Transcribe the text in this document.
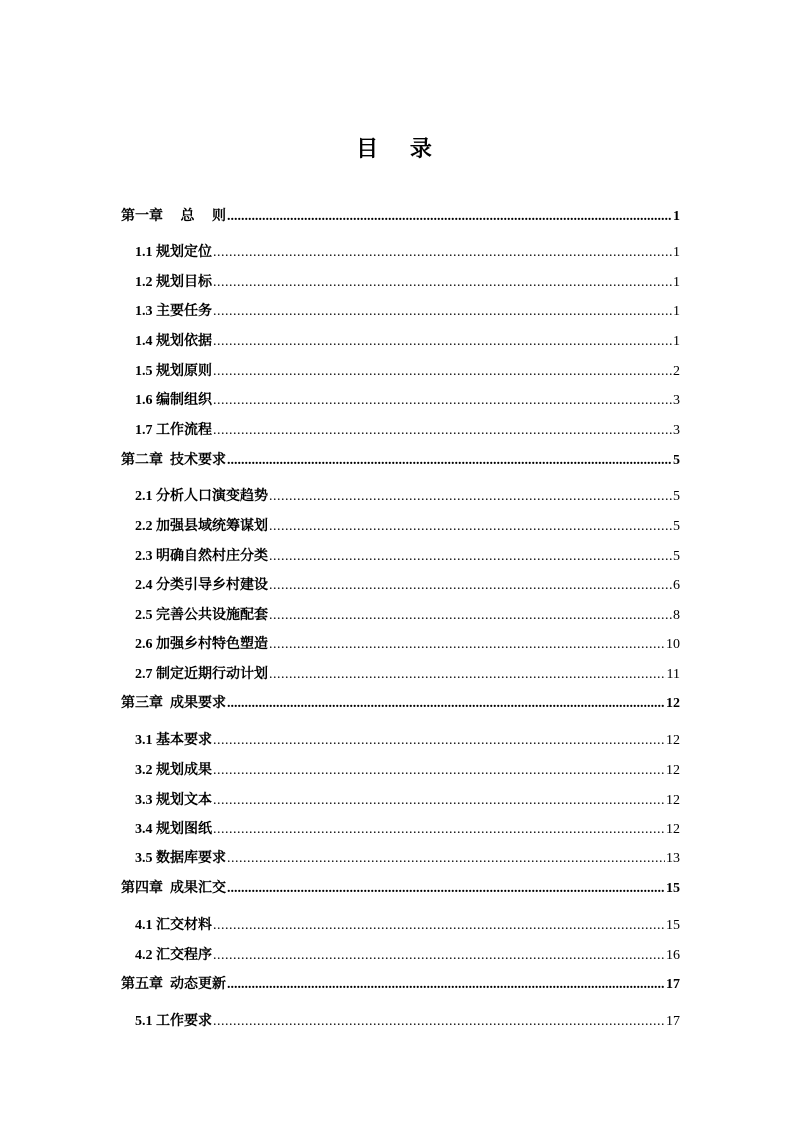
目 录
第一章　 总　 则 .....	1
1.1 规划定位 .....	1
1.2 规划目标 .....	1
1.3 主要任务 .....	1
1.4 规划依据 .....	1
1.5 规划原则 .....	2
1.6 编制组织 .....	3
1.7 工作流程 .....	3
第二章  技术要求 .....	5
2.1 分析人口演变趋势 .....	5
2.2 加强县域统筹谋划 .....	5
2.3 明确自然村庄分类 .....	5
2.4 分类引导乡村建设 .....	6
2.5 完善公共设施配套 .....	8
2.6 加强乡村特色塑造 .....	10
2.7 制定近期行动计划 .....	11
第三章  成果要求 .....	12
3.1 基本要求 .....	12
3.2 规划成果 .....	12
3.3 规划文本 .....	12
3.4 规划图纸 .....	12
3.5 数据库要求 .....	13
第四章  成果汇交 .....	15
4.1 汇交材料 .....	15
4.2 汇交程序 .....	16
第五章  动态更新 .....	17
5.1 工作要求 .....	17
